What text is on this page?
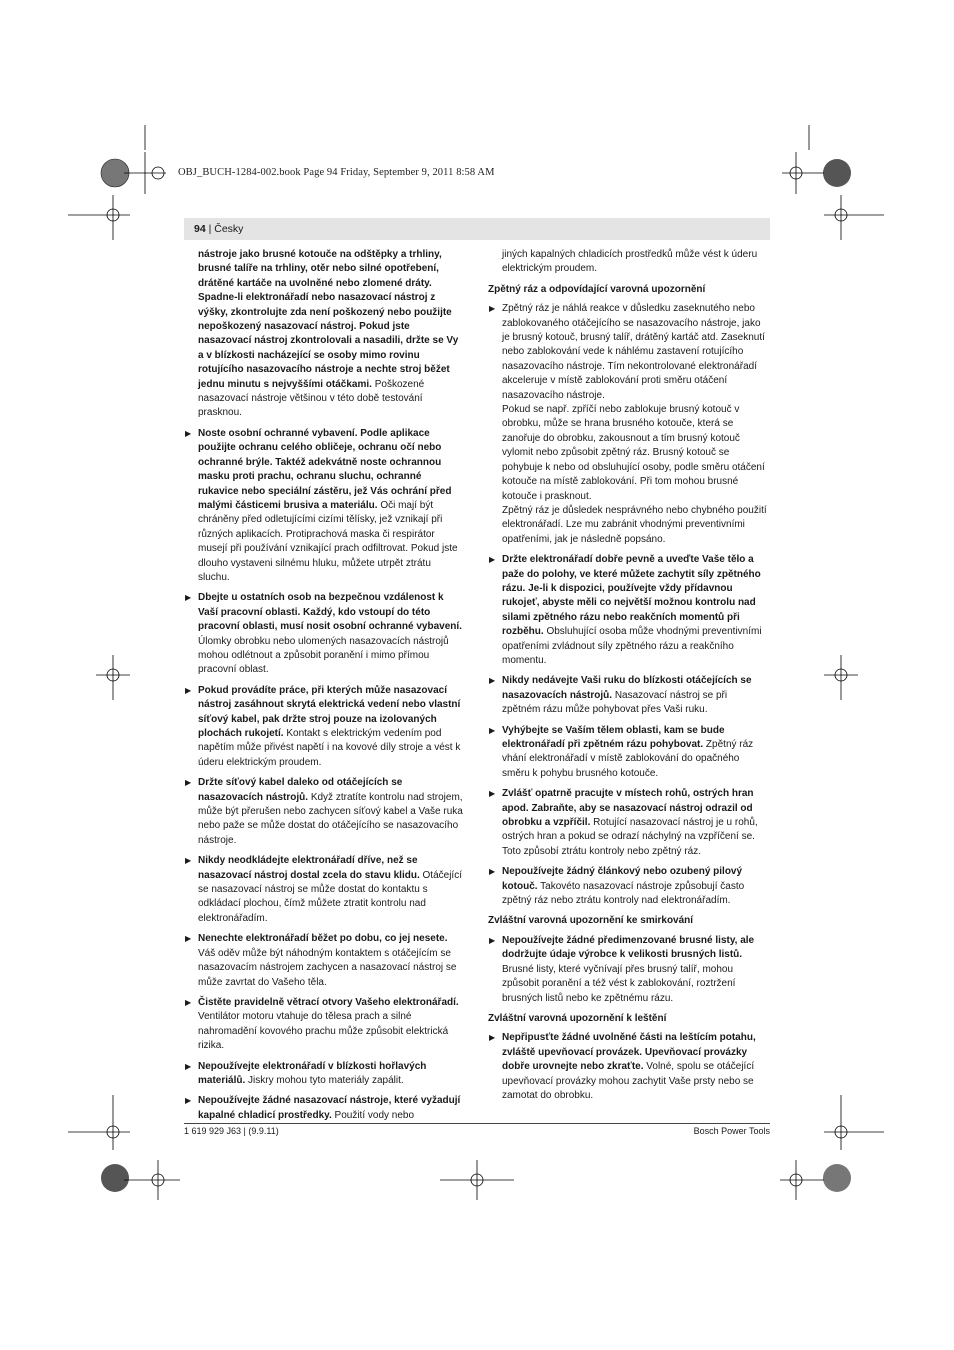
OBJ_BUCH-1284-002.book Page 94 Friday, September 9, 2011 8:58 AM
94 | Česky

nástroje jako brusné kotouče na odštěpky a trhliny, brusné talíře na trhliny, otěr nebo silné opotřebení, drátěné kartáče na uvolněné nebo zlomené dráty. Spadne-li elektronářadí nebo nasazovací nástroj z výšky, zkontrolujte zda není poškozený nebo použijte nepoškozený nasazovací nástroj. Pokud jste nasazovací nástroj zkontrolovali a nasadili, držte se Vy a v blízkosti nacházející se osoby mimo rovinu rotujícího nasazovacího nástroje a nechte stroj běžet jednu minutu s nejvyššími otáčkami. Poškozené nasazovací nástroje většinou v této době testování prasknou.

▶ Noste osobní ochranné vybavení. Podle aplikace použijte ochranu celého obličeje, ochranu očí nebo ochranné brýle. Taktéž adekvátně noste ochrannou masku proti prachu, ochranu sluchu, ochranné rukavice nebo speciální zástěru, jež Vás ochrání před malými částicemi brusiva a materiálu. Oči mají být chráněny před odletujícími cizími tělísky, jež vznikají při různých aplikacích. Protiprachová maska či respirátor musejí při používání vznikající prach odfiltrovat. Pokud jste dlouho vystaveni silnému hluku, můžete utrpět ztrátu sluchu.

▶ Dbejte u ostatních osob na bezpečnou vzdálenost k Vaší pracovní oblasti. Každý, kdo vstoupí do této pracovní oblasti, musí nosit osobní ochranné vybavení. Úlomky obrobku nebo ulomených nasazovacích nástrojů mohou odlétnout a způsobit poranění i mimo přímou pracovní oblast.

▶ Pokud provádíte práce, při kterých může nasazovací nástroj zasáhnout skrytá elektrická vedení nebo vlastní síťový kabel, pak držte stroj pouze na izolovaných plochách rukojetí. Kontakt s elektrickým vedením pod napětím může přivést napětí i na kovové díly stroje a vést k úderu elektrickým proudem.

▶ Držte síťový kabel daleko od otáčejících se nasazovacích nástrojů. Když ztratíte kontrolu nad strojem, může být přerušen nebo zachycen síťový kabel a Vaše ruka nebo paže se může dostat do otáčejícího se nasazovacího nástroje.

▶ Nikdy neodkládejte elektronářadí dříve, než se nasazovací nástroj dostal zcela do stavu klidu. Otáčející se nasazovací nástroj se může dostat do kontaktu s odkládací plochou, čímž můžete ztratit kontrolu nad elektronářadím.

▶ Nenechte elektronářadí běžet po dobu, co jej nesete. Váš oděv může být náhodným kontaktem s otáčejícím se nasazovacím nástrojem zachycen a nasazovací nástroj se může zavrtat do Vašeho těla.

▶ Čistěte pravidelně větrací otvory Vašeho elektronářadí. Ventilátor motoru vtahuje do tělesa prach a silné nahromadění kovového prachu může způsobit elektrická rizika.

▶ Nepoužívejte elektronářadí v blízkosti hořlavých materiálů. Jiskry mohou tyto materiály zapálit.

▶ Nepoužívejte žádné nasazovací nástroje, které vyžadují kapalné chladicí prostředky. Použití vody nebo

jiných kapalných chladicích prostředků může vést k úderu elektrickým proudem.

Zpětný ráz a odpovídající varovná upozornění
▶ Zpětný ráz je náhlá reakce v důsledku zaseknutého nebo zablokovaného otáčejícího se nasazovacího nástroje, jako je brusný kotouč, brusný talíř, drátěný kartáč atd. Zaseknutí nebo zablokování vede k náhlému zastavení rotujícího nasazovacího nástroje. Tím nekontrolované elektronářadí akceleruje v místě zablokování proti směru otáčení nasazovacího nástroje.

Pokud se např. zpříčí nebo zablokuje brusný kotouč v obrobku, může se hrana brusného kotouče, která se zanořuje do obrobku, zakousnout a tím brusný kotouč vylomit nebo způsobit zpětný ráz. Brusný kotouč se pohybuje k nebo od obsluhující osoby, podle směru otáčení kotouče na místě zablokování. Při tom mohou brusné kotouče i prasknout.

Zpětný ráz je důsledek nesprávného nebo chybného použití elektronářadí. Lze mu zabránit vhodnými preventivními opatřeními, jak je následně popsáno.

▶ Držte elektronářadí dobře pevně a uveďte Vaše tělo a paže do polohy, ve které můžete zachytit síly zpětného rázu. Je-li k dispozici, používejte vždy přídavnou rukojeť, abyste měli co největší možnou kontrolu nad silami zpětného rázu nebo reakčních momentů při rozběhu. Obsluhující osoba může vhodnými preventivními opatřeními zvládnout síly zpětného rázu a reakčního momentu.

▶ Nikdy nedávejte Vaši ruku do blízkosti otáčejících se nasazovacích nástrojů. Nasazovací nástroj se při zpětném rázu může pohybovat přes Vaši ruku.

▶ Vyhýbejte se Vaším tělem oblasti, kam se bude elektronářadí při zpětném rázu pohybovat. Zpětný ráz vhání elektronářadí v místě zablokování do opačného směru k pohybu brusného kotouče.

▶ Zvlášť opatrně pracujte v místech rohů, ostrých hran apod. Zabraňte, aby se nasazovací nástroj odrazil od obrobku a vzpříčil. Rotující nasazovací nástroj je u rohů, ostrých hran a pokud se odrazí náchylný na vzpříčení se. Toto způsobí ztrátu kontroly nebo zpětný ráz.

▶ Nepoužívejte žádný článkový nebo ozubený pilový kotouč. Takovéto nasazovací nástroje způsobují často zpětný ráz nebo ztrátu kontroly nad elektronářadím.

Zvláštní varovná upozornění ke smirkování
▶ Nepoužívejte žádné předimenzované brusné listy, ale dodržujte údaje výrobce k velikosti brusných listů. Brusné listy, které vyčnívají přes brusný talíř, mohou způsobit poranění a též vést k zablokování, roztržení brusných listů nebo ke zpětnému rázu.

Zvláštní varovná upozornění k leštění
▶ Nepřipusťte žádné uvolněné části na leštícím potahu, zvláště upevňovací provázek. Upevňovací provázky dobře urovnejte nebo zkraťte. Volné, spolu se otáčející upevňovací provázky mohou zachytit Vaše prsty nebo se zamotat do obrobku.

1 619 929 J63 | (9.9.11)	Bosch Power Tools
